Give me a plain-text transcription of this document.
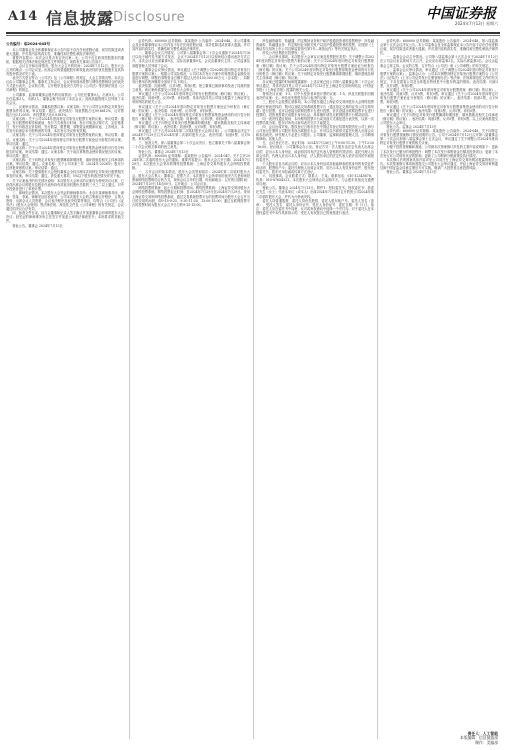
A14 信息披露
Disclosure	中国证券报
2024年7月13日 星期六

公告编号：临2024-045号

本公司董事会及全体董事保证本公告内容不存在任何虚假记载、误导性陈述或者重大遗漏，并对其内容的真实性、准确性和完整性承担法律责任。

重要内容提示：本次会议是否有否决议案：无。公司于近日收到控股股东的通知，根据相关法律法规及规范性文件的规定，现将有关事项公告如下。

一、会议召开和出席情况。股东大会召开的时间：2024年7月12日。股东大会召开的地点：公司会议室。出席会议的普通股股东和恢复表决权的优先股股东及其持有股份情况详见下表。

表决方式是否符合《公司法》及《公司章程》的规定，大会主持情况等。本次会议由公司董事会召集，董事长主持会议，会议采用现场投票与网络投票相结合的表决方式进行表决。会议的召集、召开程序及表决方式符合《公司法》等法律法规及《公司章程》的规定。

公司董事、监事和董事会秘书的出席情况：公司在任董事9人，出席9人；公司在任监事3人，出席3人；董事会秘书出席了本次会议；其他高级管理人员列席了本次会议。

二、议案审议情况。非累积投票议案：议案名称：关于公司符合向特定对象发行股票条件的议案。审议结果：通过。表决情况：同意票数占比99.8612%，反对票数占比0.1205%，弃权票数占比0.0183%。

议案名称：关于公司2024年度向特定对象发行股票方案的议案。审议结果：通过。发行股票的种类和面值、发行方式和发行时间、发行对象及认购方式、定价基准日、发行价格及定价原则、发行数量、限售期、募集资金规模和用途、上市地点、本次发行前滚存未分配利润的安排、本次发行决议的有效期。

议案名称：关于公司2024年度向特定对象发行股票预案的议案。审议结果：通过。议案名称：关于公司2024年度向特定对象发行股票方案论证分析报告的议案。审议结果：通过。

议案名称：关于公司2024年度向特定对象发行股票募集资金使用的可行性分析报告的议案。审议结果：通过。议案名称：关于前次募集资金使用情况报告的议案。审议结果：通过。

议案名称：关于向特定对象发行股票摊薄即期回报、填补措施及相关主体承诺的议案。审议结果：通过。议案名称：关于公司未来三年（2024年-2026年）股东分红回报规划的议案。审议结果：通过。

议案名称：关于提请股东大会授权董事会全权办理本次向特定对象发行股票相关事宜的议案。审议结果：通过。涉及重大事项，5%以下股东的表决情况详见下表。

关于议案表决的有关情况说明：本次股东大会审议的议案均为特别决议议案，已获得出席会议的股东及股东代表所持有效表决权股份总数的三分之二以上通过。对中小投资者进行了单独计票。

三、律师见证情况。本次股东大会见证的律师事务所：北京市某律师事务所。律师：张某、李某。律师见证结论意见：公司本次股东大会的召集和召开程序、召集人资格、出席会议人员资格、会议表决程序及表决结果等事宜，均符合《公司法》《证券法》《股东大会规则》等法律法规、规范性文件及《公司章程》的有关规定，会议通过的决议合法有效。

四、备查文件目录。经与会董事和记录人签字确认并加盖董事会印章的股东大会决议；经见证的律师事务所主任签字并加盖公章的法律意见书；本所要求的其他文件。

特此公告。董事会 2024年7月13日

证券代码：600000 证券简称：某某股份 公告编号：2024-046。本公司董事会及全体董事保证本公告内容不存在任何虚假记载、误导性陈述或者重大遗漏，并对其内容的真实性、准确性和完整性承担法律责任。

一、董事会会议召开情况。公司第八届董事会第二十次会议通知于2024年7月8日以电子邮件及书面方式发出，会议于2024年7月12日以现场结合通讯表决方式召开。本次会议应出席董事9名，实际出席董事9名。会议由董事长主持，公司监事及高级管理人员列席了会议。

二、董事会会议审议情况。审议通过《关于调整公司2024年度向特定对象发行股票方案的议案》。根据公司实际情况，公司对本次发行方案中的募集资金金额及用途进行调整，调整后募集资金总额不超过人民币150,000.00万元（含本数），扣除发行费用后的净额将全部用于以下项目。

表决结果：同意9票，反对0票，弃权0票。独立董事已就该事项发表了同意的独立意见。该议案尚需提交公司股东大会审议。

审议通过《关于公司2024年度向特定对象发行股票预案（修订稿）的议案》。表决结果：同意9票，反对0票，弃权0票。具体内容详见公司同日披露于上海证券交易所网站的相关公告。

审议通过《关于公司2024年度向特定对象发行股票方案论证分析报告（修订稿）的议案》。表决结果：同意9票，反对0票，弃权0票。

审议通过《关于公司2024年度向特定对象发行股票募集资金使用的可行性分析报告（修订稿）的议案》。表决结果：同意9票，反对0票，弃权0票。

审议通过《关于向特定对象发行股票摊薄即期回报、填补措施及相关主体承诺（修订稿）的议案》。表决结果：同意9票，反对0票，弃权0票。

审议通过《关于召开2024年第二次临时股东大会的议案》。公司董事会决定于2024年7月29日召开2024年第二次临时股东大会。表决结果：同意9票，反对0票，弃权0票。

三、备查文件。第八届董事会第二十次会议决议；独立董事关于第八届董事会第二十次会议相关事项的独立意见。

特此公告。董事会 2024年7月13日

证券代码：600000 证券简称：某某股份 公告编号：2024-047。关于召开2024年第二次临时股东大会的通知。重要内容提示：股东大会召开日期：2024年7月29日。本次股东大会采用的网络投票系统：上海证券交易所股东大会网络投票系统。

一、召开会议的基本情况。股东大会类型和届次：2024年第二次临时股东大会。股东大会召集人：董事会。投票方式：本次股东大会所采用的表决方式是现场投票和网络投票相结合的方式。现场会议召开的日期、时间和地点：召开的日期时间：2024年7月29日 14点00分。召开地点：公司会议室。

网络投票的系统、起止日期和投票时间。网络投票系统：上海证券交易所股东大会网络投票系统。网络投票起止时间：自2024年7月29日至2024年7月29日。采用上海证券交易所网络投票系统，通过交易系统投票平台的投票时间为股东大会召开当日的交易时间段，即9:15-9:25，9:30-11:30，13:00-15:00；通过互联网投票平台的投票时间为股东大会召开当日的9:15-15:00。

涉及融资融券、转融通、约定购回业务账户和沪股通投资者的投票程序：涉及融资融券、转融通业务、约定购回业务相关账户以及沪股通投资者的投票，应按照《上海证券交易所上市公司自律监管指引第1号—规范运作》等有关规定执行。

涉及公开征集股东投票权：无。

二、会议审议事项。本次股东大会审议议案及投票股东类型：关于调整公司2024年度向特定对象发行股票方案的议案；关于公司2024年度向特定对象发行股票预案（修订稿）的议案；关于公司2024年度向特定对象发行股票方案论证分析报告（修订稿）的议案；关于公司2024年度向特定对象发行股票募集资金使用的可行性分析报告（修订稿）的议案；关于向特定对象发行股票摊薄即期回报、填补措施及相关主体承诺（修订稿）的议案。

各议案已披露的时间和披露媒体：上述议案已经公司第八届董事会第二十次会议审议通过，具体内容详见公司于2024年7月13日在上海证券交易所网站及《中国证券报》《上海证券报》披露的相关公告。

特别决议议案：1-5。对中小投资者单独计票的议案：1-5。涉及关联股东回避表决的议案：无。涉及优先股股东参与表决的议案：无。

三、股东大会投票注意事项。本公司股东通过上海证券交易所股东大会网络投票系统行使表决权的，既可以登陆交易系统投票平台（通过指定交易的证券公司交易终端）进行投票，也可以登陆互联网投票平台进行投票。首次登陆互联网投票平台进行投票的，投资者需要完成股东身份认证。具体操作请见互联网投票平台网站说明。

同一表决权通过现场、本所网络投票平台或其他方式重复进行表决的，以第一次投票结果为准。股东对所有议案均表决完毕才能提交。

四、会议出席对象。股权登记日收市后在中国证券登记结算有限责任公司上海分公司登记在册的公司股东有权出席股东大会，并可以以书面形式委托代理人出席会议和参加表决。该代理人不必是公司股东。公司董事、监事和高级管理人员。公司聘请的律师。其他人员。

五、会议登记方法。登记时间：2024年7月26日上午9:00-11:30，下午13:30-16:00。登记地点：公司董事会办公室。登记方式：法人股东由法定代表人出席会议的，应出示本人身份证、能证明其具有法定代表人资格的有效证明；委托代理人出席会议的，代理人应出示本人身份证、法人股东单位的法定代表人依法出具的书面授权委托书。

个人股东亲自出席会议的，应出示本人身份证或其他能够表明其身份的有效证件或证明、股票账户卡；委托代理他人出席会议的，应出示本人有效身份证件、股东授权委托书。股东可用信函或传真方式登记。

六、其他事项。会议联系方式：联系人：王某。联系电话：010-12345678。传真：010-87654321。本次股东大会现场会议会期半天，与会股东食宿及交通费用自理。

特此公告。董事会 2024年7月13日。附件1：授权委托书。授权委托书：兹委托先生（女士）代表本单位（或本人）出席2024年7月29日召开的贵公司2024年第二次临时股东大会，并代为行使表决权。

委托人持普通股数、委托人持优先股数、委托人股东帐户号。委托人签名（盖章）、受托人签名、委托人身份证号、受托人身份证号、委托日期：年 月 日。备注：委托人应在委托书中同意、反对或弃权意向中选择一个并打勾，对于委托人在本授权委托书中未作具体指示的，受托人有权按自己的意愿进行表决。

证券代码：600000 证券简称：某某股份 公告编号：2024-048。第八届监事会第十五次会议决议公告。本公司监事会及全体监事保证本公告内容不存在任何虚假记载、误导性陈述或者重大遗漏，并对其内容的真实性、准确性和完整性承担法律责任。

一、监事会会议召开情况。公司第八届监事会第十五次会议于2024年7月12日在公司会议室以现场方式召开。会议应出席监事3名，实际出席监事3名。会议由监事会主席主持。会议的召集、召开符合《公司法》和《公司章程》的有关规定。

二、监事会会议审议情况。审议通过《关于调整公司2024年度向特定对象发行股票方案的议案》。监事会认为：公司本次调整向特定对象发行股票方案符合《公司法》《证券法》《上市公司证券发行注册管理办法》等法律、法规和规范性文件的有关规定，不存在损害公司及全体股东特别是中小股东利益的情形。表决结果：同意3票，反对0票，弃权0票。

审议通过《关于公司2024年度向特定对象发行股票预案（修订稿）的议案》。表决结果：同意3票，反对0票，弃权0票。审议通过《关于公司2024年度向特定对象发行股票方案论证分析报告（修订稿）的议案》。表决结果：同意3票，反对0票，弃权0票。

审议通过《关于公司2024年度向特定对象发行股票募集资金使用的可行性分析报告（修订稿）的议案》。表决结果：同意3票，反对0票，弃权0票。

审议通过《关于向特定对象发行股票摊薄即期回报、填补措施及相关主体承诺（修订稿）的议案》。表决结果：同意3票，反对0票，弃权0票。以上议案尚需提交公司股东大会审议。

特此公告。监事会 2024年7月13日

证券代码：600000 证券简称：某某股份 公告编号：2024-049。关于向特定对象发行股票预案修订情况说明的公告。公司于2024年7月12日召开第八届董事会第二十次会议和第八届监事会第十五次会议，审议通过了关于调整公司2024年度向特定对象发行股票方案的相关议案。

为便于投资者理解和查阅，公司就本次预案修订涉及的主要内容说明如下：更新了本次发行已履行的审批程序；调整了本次发行募集资金总额及投资项目；更新了本次发行对公司财务状况的影响；更新了公司利润分配政策及执行情况。

本次修订后的预案具体内容详见公司同日在上海证券交易所网站披露的相关公告。本次预案修订事项尚需提交公司股东大会审议通过，并经上海证券交易所审核通过和中国证监会同意注册后方可实施。敬请广大投资者注意投资风险。

特此公告。董事会 2024年7月13日

责任人：人工智能
本版编辑：信息披露部
制作：美编部
